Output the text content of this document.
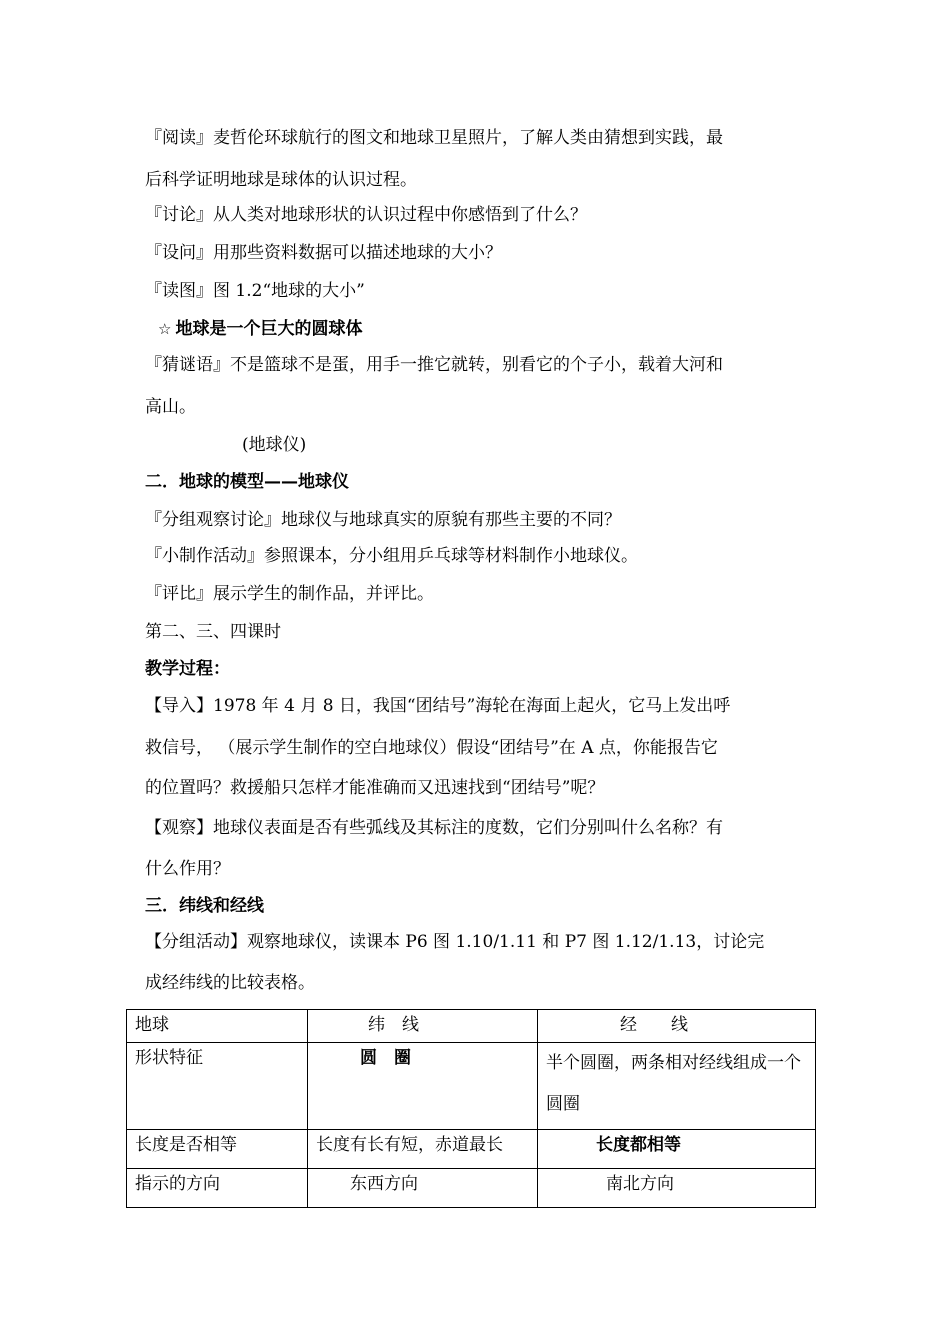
『阅读』麦哲伦环球航行的图文和地球卫星照片，了解人类由猜想到实践，最
后科学证明地球是球体的认识过程。
『讨论』从人类对地球形状的认识过程中你感悟到了什么？
『设问』用那些资料数据可以描述地球的大小？
『读图』图 1.2“地球的大小”
☆ 地球是一个巨大的圆球体
『猜谜语』不是篮球不是蛋，用手一推它就转，别看它的个子小，载着大河和
高山。
(地球仪)
二．地球的模型——地球仪
『分组观察讨论』地球仪与地球真实的原貌有那些主要的不同？
『小制作活动』参照课本，分小组用乒乓球等材料制作小地球仪。
『评比』展示学生的制作品，并评比。
第二、三、四课时
教学过程：
【导入】1978 年 4 月 8 日，我国“团结号”海轮在海面上起火，它马上发出呼
救信号， （展示学生制作的空白地球仪）假设“团结号”在 A 点，你能报告它
的位置吗？救援船只怎样才能准确而又迅速找到“团结号”呢？
【观察】地球仪表面是否有些弧线及其标注的度数，它们分别叫什么名称？有
什么作用？
三．纬线和经线
【分组活动】观察地球仪，读课本 P6 图 1.10/1.11 和 P7 图 1.12/1.13，讨论完
成经纬线的比较表格。
地球	纬　线	经　　线
形状特征	圆　圈	半个圆圈，两条相对经线组成一个圆圈
长度是否相等	长度有长有短，赤道最长	长度都相等
指示的方向	东西方向	南北方向
